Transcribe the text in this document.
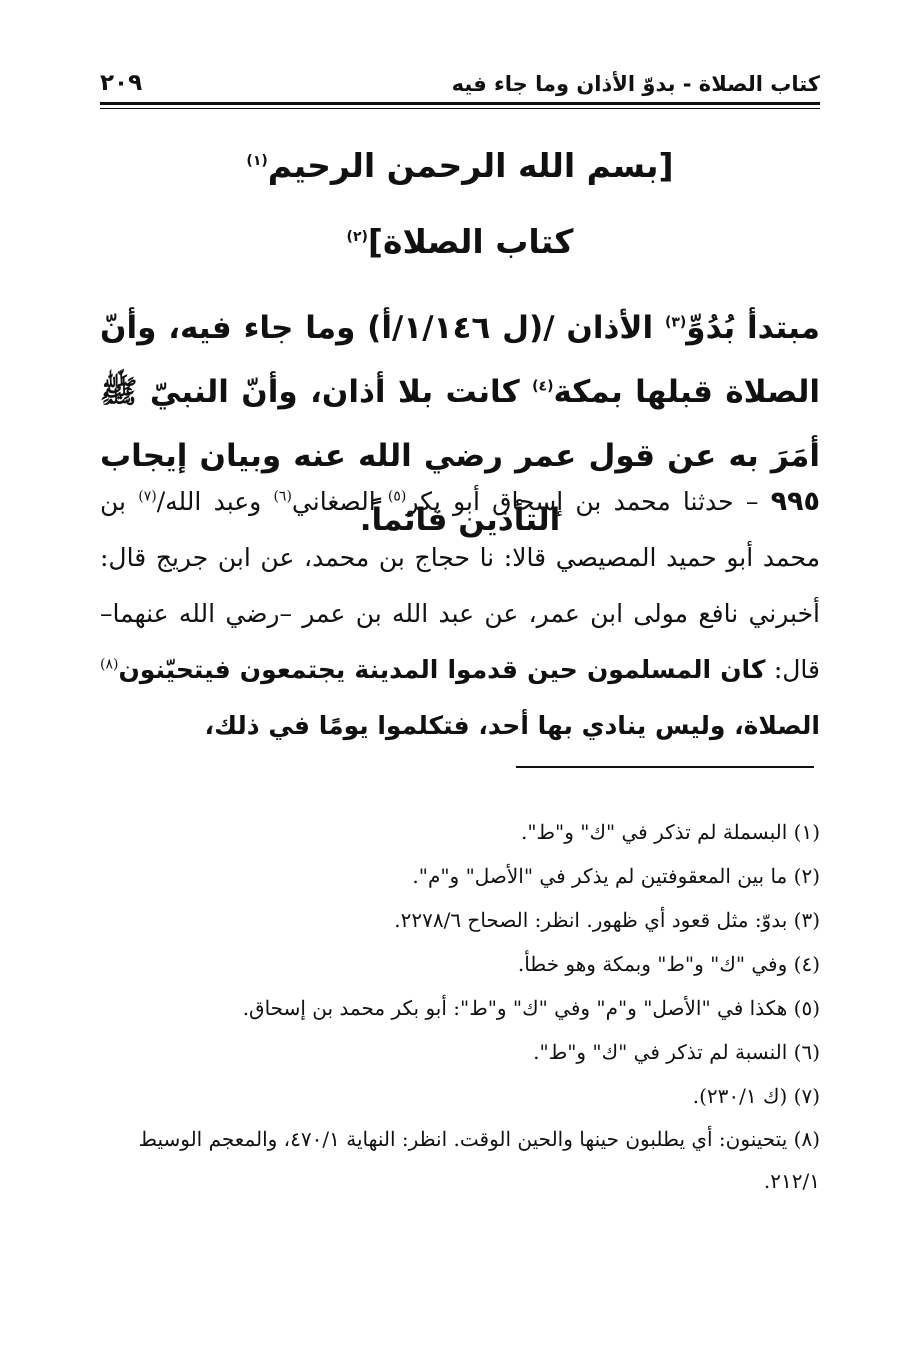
كتاب الصلاة - بدوّ الأذان وما جاء فيه
٢٠٩
[بسم الله الرحمن الرحيم$^{(١)}$
كتاب الصلاة]$^{(٢)}$
مبتدأ بُدُوِّ$^{(٣)}$ الأذان /(ل ١/١٤٦/أ) وما جاء فيه، وأنّ الصلاة قبلها بمكة$^{(٤)}$ كانت بلا أذان، وأنّ النبيّ ﷺ أمَرَ به عن قول عمر رضي الله عنه وبيان إيجاب التأذين قائماً.
٩٩٥ – حدثنا محمد بن إسحاق أبو بكر$^{(٥)}$ الصغاني$^{(٦)}$ وعبد الله/$^{(٧)}$ بن محمد أبو حميد المصيصي قالا: نا حجاج بن محمد، عن ابن جريج قال: أخبرني نافع مولى ابن عمر، عن عبد الله بن عمر –رضي الله عنهما– قال: كان المسلمون حين قدموا المدينة يجتمعون فيتحيّنون$^{(٨)}$ الصلاة، وليس ينادي بها أحد، فتكلموا يومًا في ذلك،
(١) البسملة لم تذكر في "ك" و"ط".
(٢) ما بين المعقوفتين لم يذكر في "الأصل" و"م".
(٣) بدوّ: مثل قعود أي ظهور. انظر: الصحاح ٢٢٧٨/٦.
(٤) وفي "ك" و"ط" وبمكة وهو خطأ.
(٥) هكذا في "الأصل" و"م" وفي "ك" و"ط": أبو بكر محمد بن إسحاق.
(٦) النسبة لم تذكر في "ك" و"ط".
(٧) (ك ٢٣٠/١).
(٨) يتحينون: أي يطلبون حينها والحين الوقت. انظر: النهاية ٤٧٠/١، والمعجم الوسيط ٢١٢/١.
